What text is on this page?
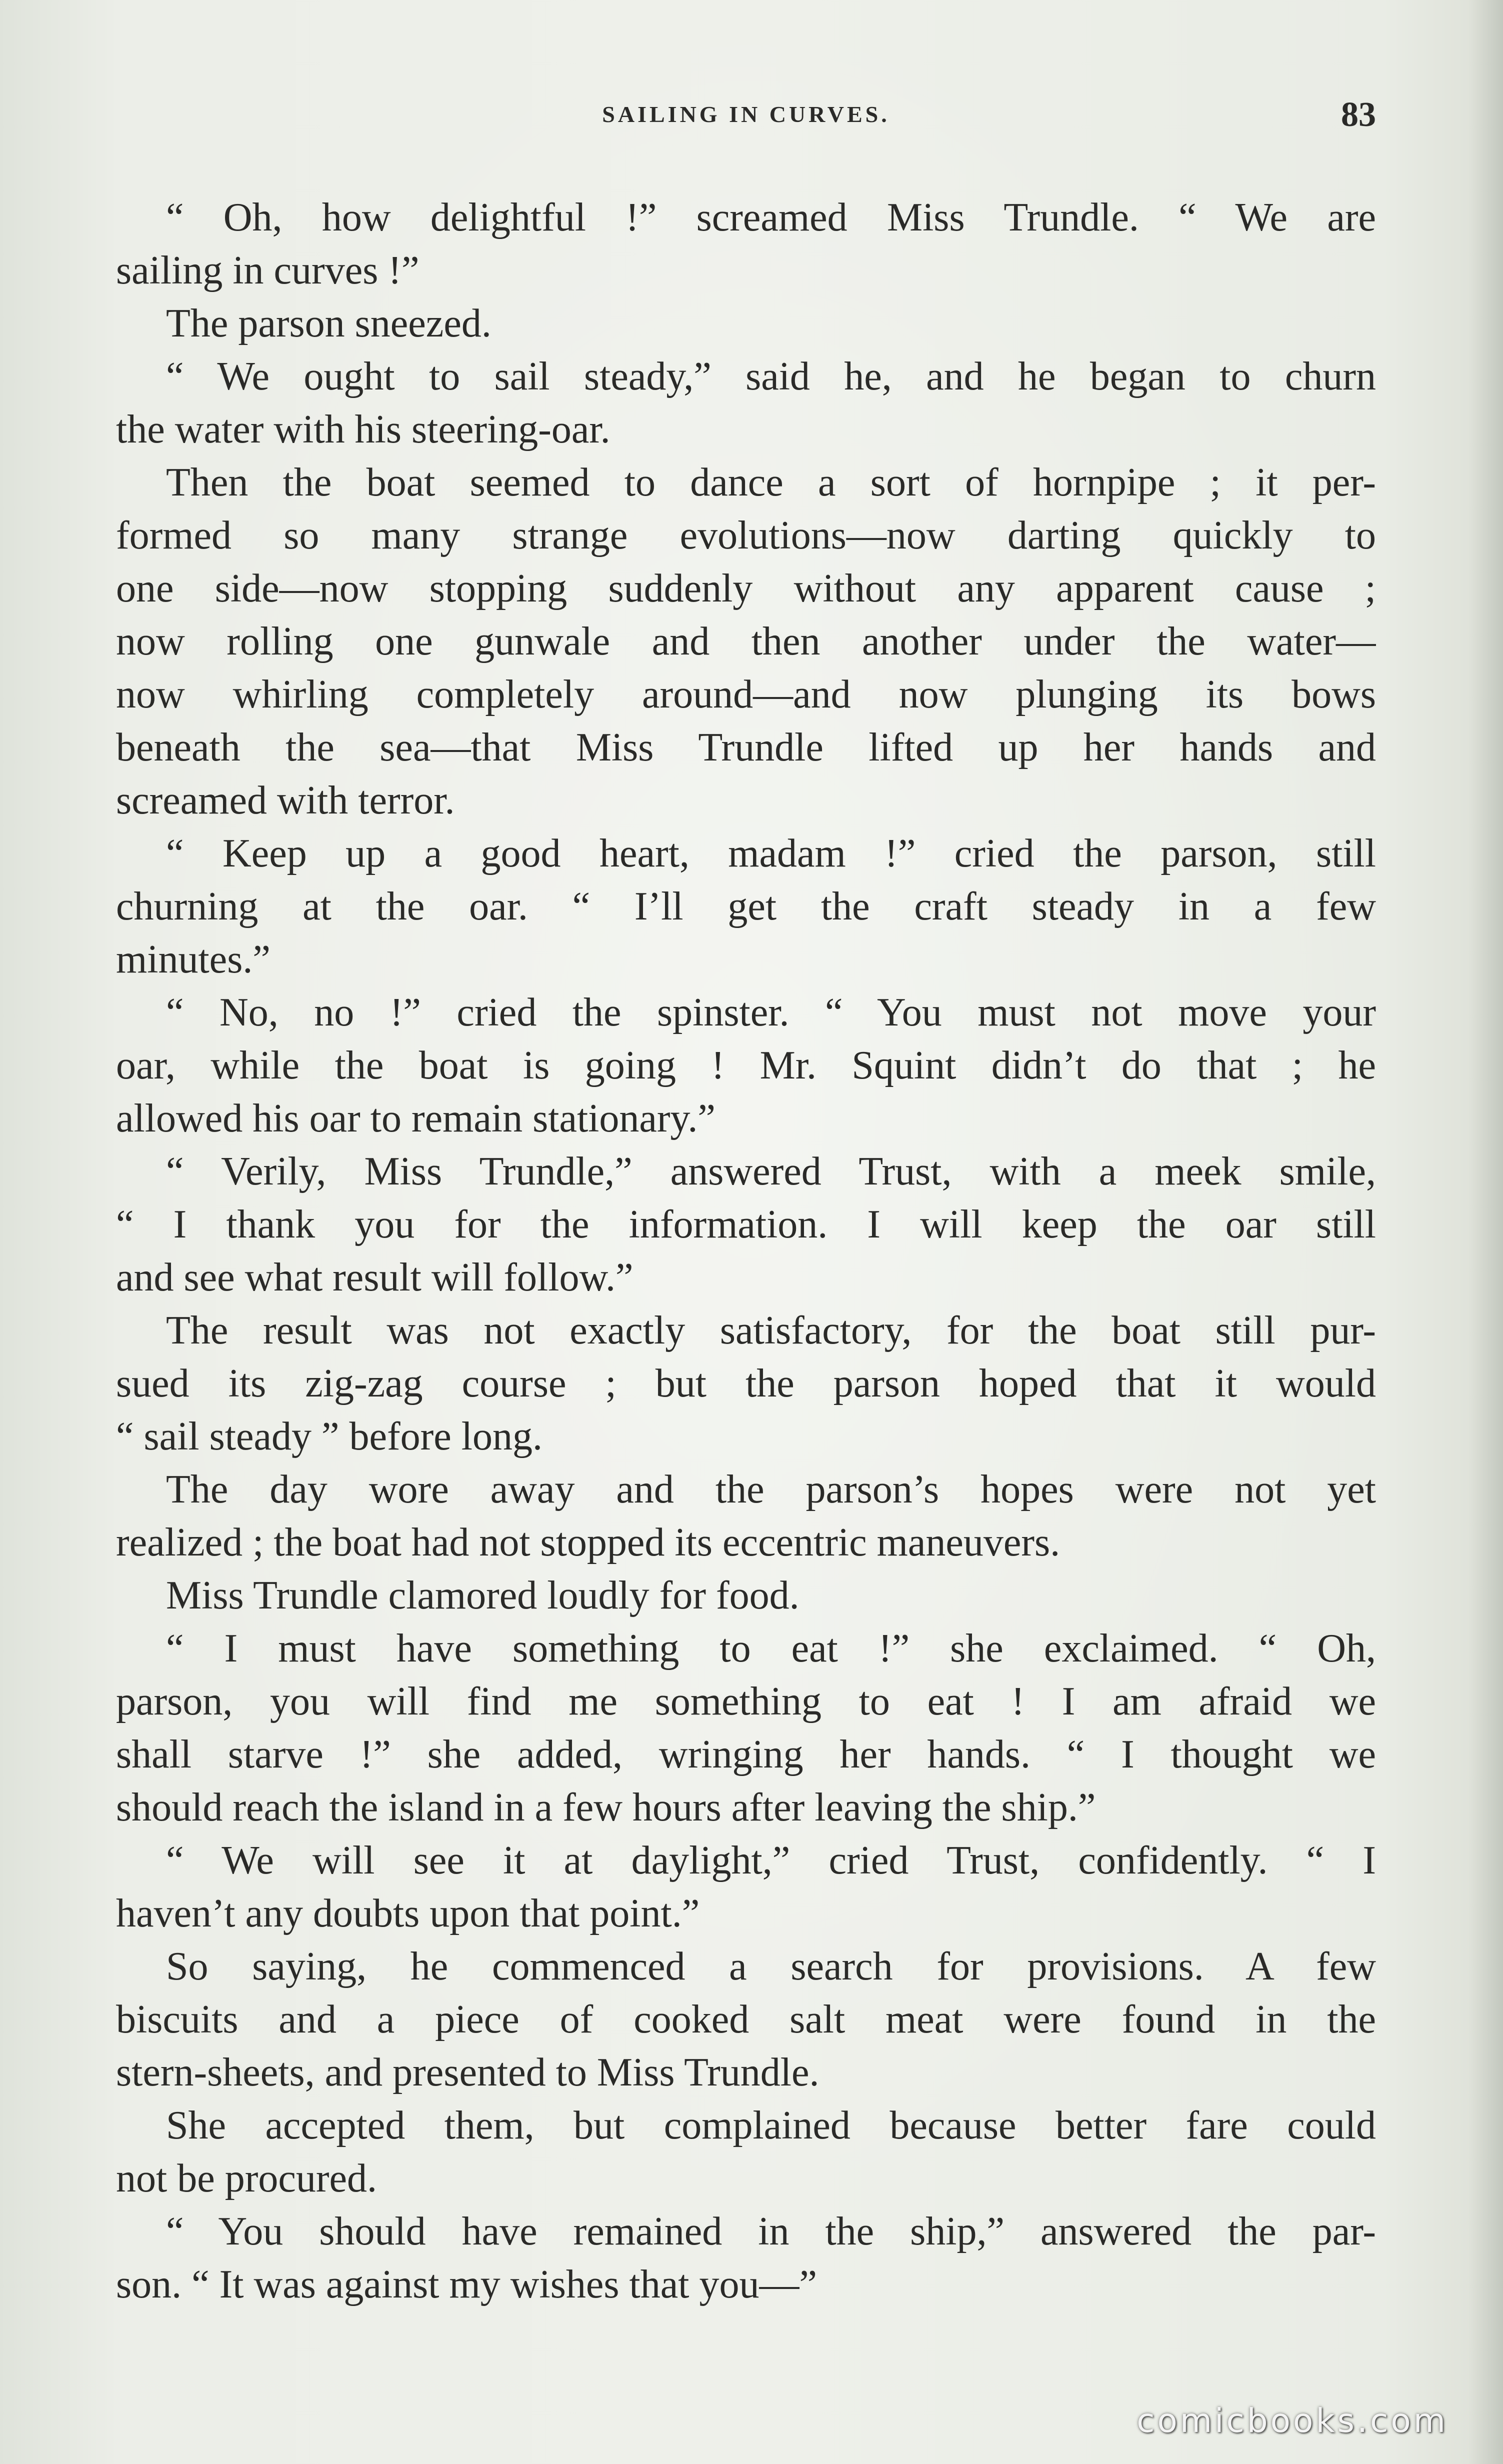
SAILING IN CURVES.	83
“ Oh, how delightful !” screamed Miss Trundle. “ We are
sailing in curves !”
The parson sneezed.
“ We ought to sail steady,” said he, and he began to churn
the water with his steering-oar.
Then the boat seemed to dance a sort of hornpipe ; it per-
formed so many strange evolutions—now darting quickly to
one side—now stopping suddenly without any apparent cause ;
now rolling one gunwale and then another under the water—
now whirling completely around—and now plunging its bows
beneath the sea—that Miss Trundle lifted up her hands and
screamed with terror.
“ Keep up a good heart, madam !” cried the parson, still
churning at the oar. “ I’ll get the craft steady in a few
minutes.”
“ No, no !” cried the spinster. “ You must not move your
oar, while the boat is going ! Mr. Squint didn’t do that ; he
allowed his oar to remain stationary.”
“ Verily, Miss Trundle,” answered Trust, with a meek smile,
“ I thank you for the information. I will keep the oar still
and see what result will follow.”
The result was not exactly satisfactory, for the boat still pur-
sued its zig-zag course ; but the parson hoped that it would
“ sail steady ” before long.
The day wore away and the parson’s hopes were not yet
realized ; the boat had not stopped its eccentric maneuvers.
Miss Trundle clamored loudly for food.
“ I must have something to eat !” she exclaimed. “ Oh,
parson, you will find me something to eat ! I am afraid we
shall starve !” she added, wringing her hands. “ I thought we
should reach the island in a few hours after leaving the ship.”
“ We will see it at daylight,” cried Trust, confidently. “ I
haven’t any doubts upon that point.”
So saying, he commenced a search for provisions. A few
biscuits and a piece of cooked salt meat were found in the
stern-sheets, and presented to Miss Trundle.
She accepted them, but complained because better fare could
not be procured.
“ You should have remained in the ship,” answered the par-
son. “ It was against my wishes that you—”
comicbooks.com
